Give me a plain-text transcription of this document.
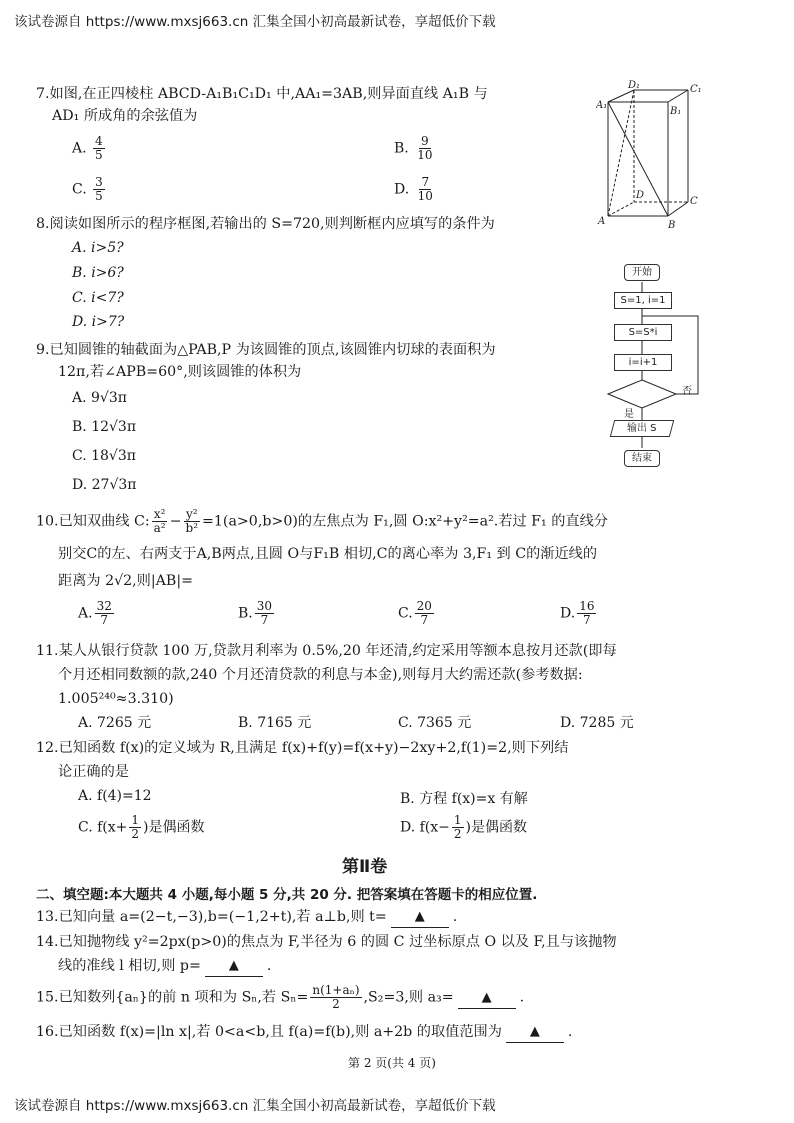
该试卷源自 https://www.mxsj663.cn 汇集全国小初高最新试卷，享超低价下载
7.如图,在正四棱柱 ABCD-A₁B₁C₁D₁ 中,AA₁=3AB,则异面直线 A₁B 与
AD₁ 所成角的余弦值为
A. $\frac{4}{5}$	B. $\frac{9}{10}$
C. $\frac{3}{5}$	D. $\frac{7}{10}$
A₁
D₁	C₁
B₁
D
C
B
A
8.阅读如图所示的程序框图,若输出的 S=720,则判断框内应填写的条件为
A. i>5?
B. i>6?
C. i<7?
D. i>7?
开始
S=1, i=1
S=S*i
i=i+1
否
是
输出 S
结束
9.已知圆锥的轴截面为△PAB,P 为该圆锥的顶点,该圆锥内切球的表面积为
12π,若∠APB=60°,则该圆锥的体积为
A. 9√3π
B. 12√3π
C. 18√3π
D. 27√3π
10.已知双曲线 C: $\frac{\text{x²}}{\text{a²}} - \frac{\text{y²}}{\text{b²}} =1(a>0,b>0)$的左焦点为 F₁,圆 O:x²+y²=a².若过 F₁ 的直线分
别交C的左、右两支于A,B两点,且圆 O与F₁B 相切,C的离心率为 3,F₁ 到 C的渐近线的
距离为 2√2,则|AB|=
A. $\frac{32}{7}$	B. $\frac{30}{7}$	C. $\frac{20}{7}$	D. $\frac{16}{7}$
11.某人从银行贷款 100 万,贷款月利率为 0.5%,20 年还清,约定采用等额本息按月还款(即每
个月还相同数额的款,240 个月还清贷款的利息与本金),则每月大约需还款(参考数据:
1.005²⁴⁰≈3.310)
A. 7265 元	B. 7165 元	C. 7365 元	D. 7285 元
12.已知函数 f(x)的定义域为 R,且满足 f(x)+f(y)=f(x+y)−2xy+2,f(1)=2,则下列结
论正确的是
A. f(4)=12	B. 方程 f(x)=x 有解
C. $f(x+ \frac{1}{2}$ )是偶函数	D. $f(x- \frac{1}{2}$ )是偶函数
第Ⅱ卷
二、填空题:本大题共 4 小题,每小题 5 分,共 20 分. 把答案填在答题卡的相应位置.
13.已知向量 a=(2−t,−3),b=(−1,2+t),若 a⊥b,则 t= ▲ .
14.已知抛物线 y²=2px(p>0)的焦点为 F,半径为 6 的圆 C 过坐标原点 O 以及 F,且与该抛物
线的准线 l 相切,则 p= ▲ .
15.已知数列{aₙ}的前 n 项和为 Sₙ,若 $S_n= \frac{\text{n(1+aₙ)}}{2} ,S_2=3$,则 a₃= ▲ .
16.已知函数 f(x)=|ln x|,若 0<a<b,且 f(a)=f(b),则 a+2b 的取值范围为 ▲ .
第 2 页(共 4 页)
该试卷源自 https://www.mxsj663.cn 汇集全国小初高最新试卷，享超低价下载
